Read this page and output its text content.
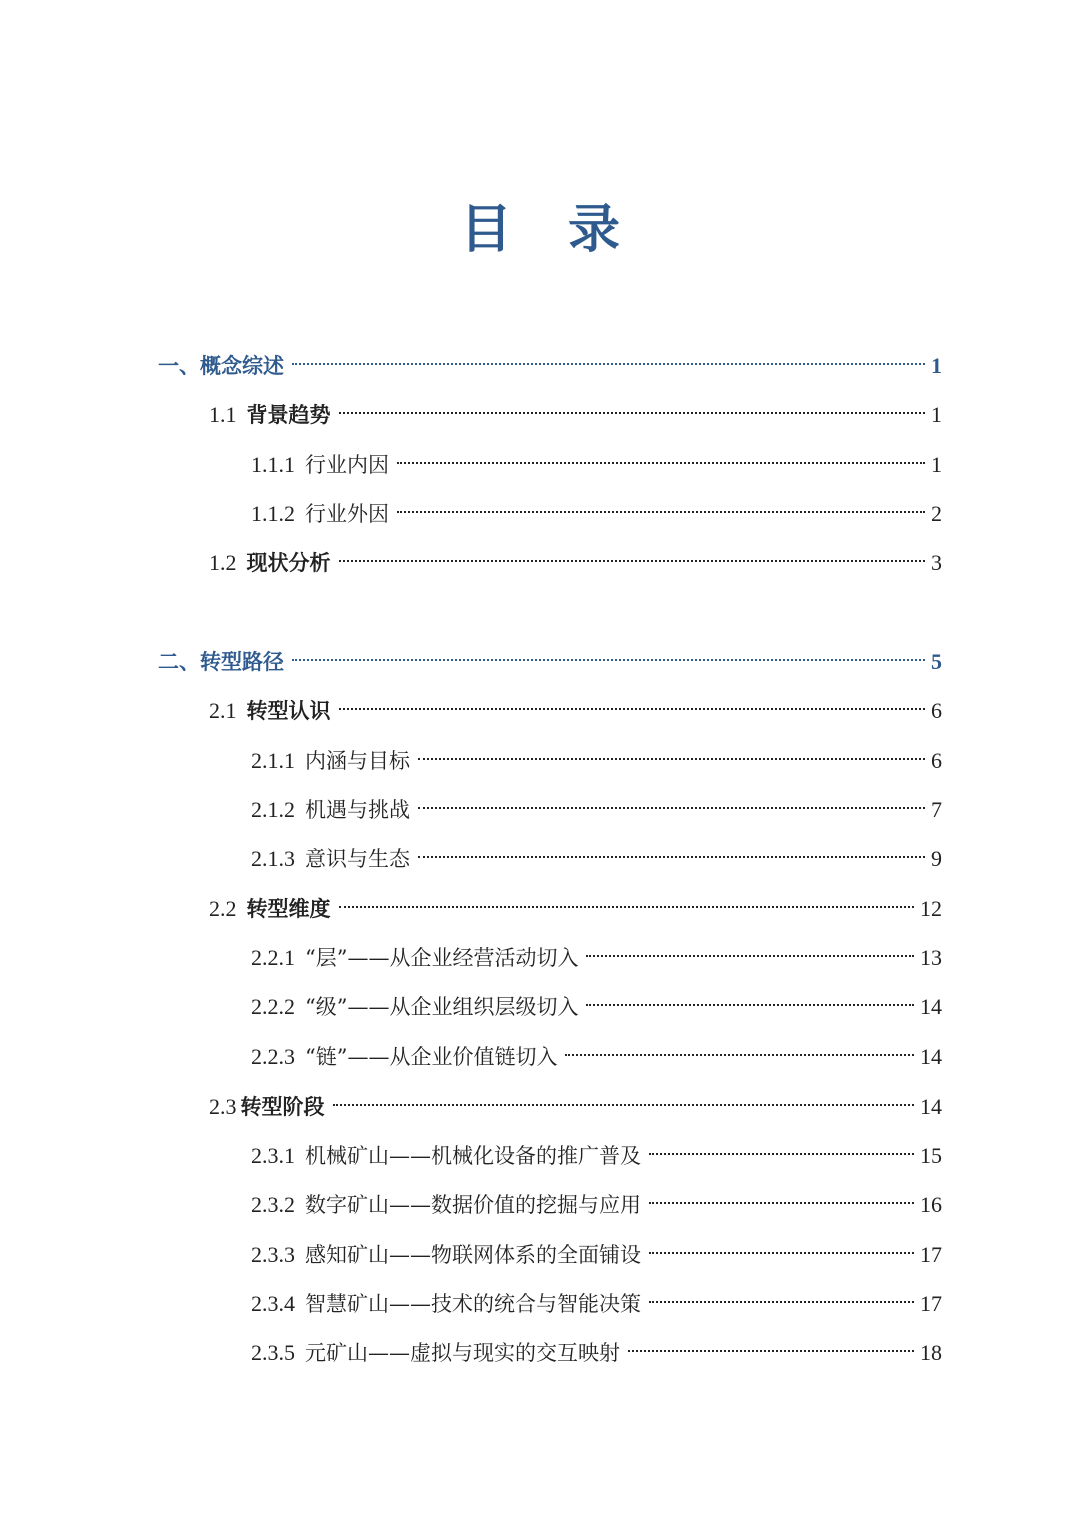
目 录
一、概念综述	1
1.1 背景趋势	1
1.1.1 行业内因	1
1.1.2 行业外因	2
1.2 现状分析	3
二、转型路径	5
2.1 转型认识	6
2.1.1 内涵与目标	6
2.1.2 机遇与挑战	7
2.1.3 意识与生态	9
2.2 转型维度	12
2.2.1 “层”——从企业经营活动切入	13
2.2.2 “级”——从企业组织层级切入	14
2.2.3 “链”——从企业价值链切入	14
2.3 转型阶段	14
2.3.1 机械矿山——机械化设备的推广普及	15
2.3.2 数字矿山——数据价值的挖掘与应用	16
2.3.3 感知矿山——物联网体系的全面铺设	17
2.3.4 智慧矿山——技术的统合与智能决策	17
2.3.5 元矿山——虚拟与现实的交互映射	18
